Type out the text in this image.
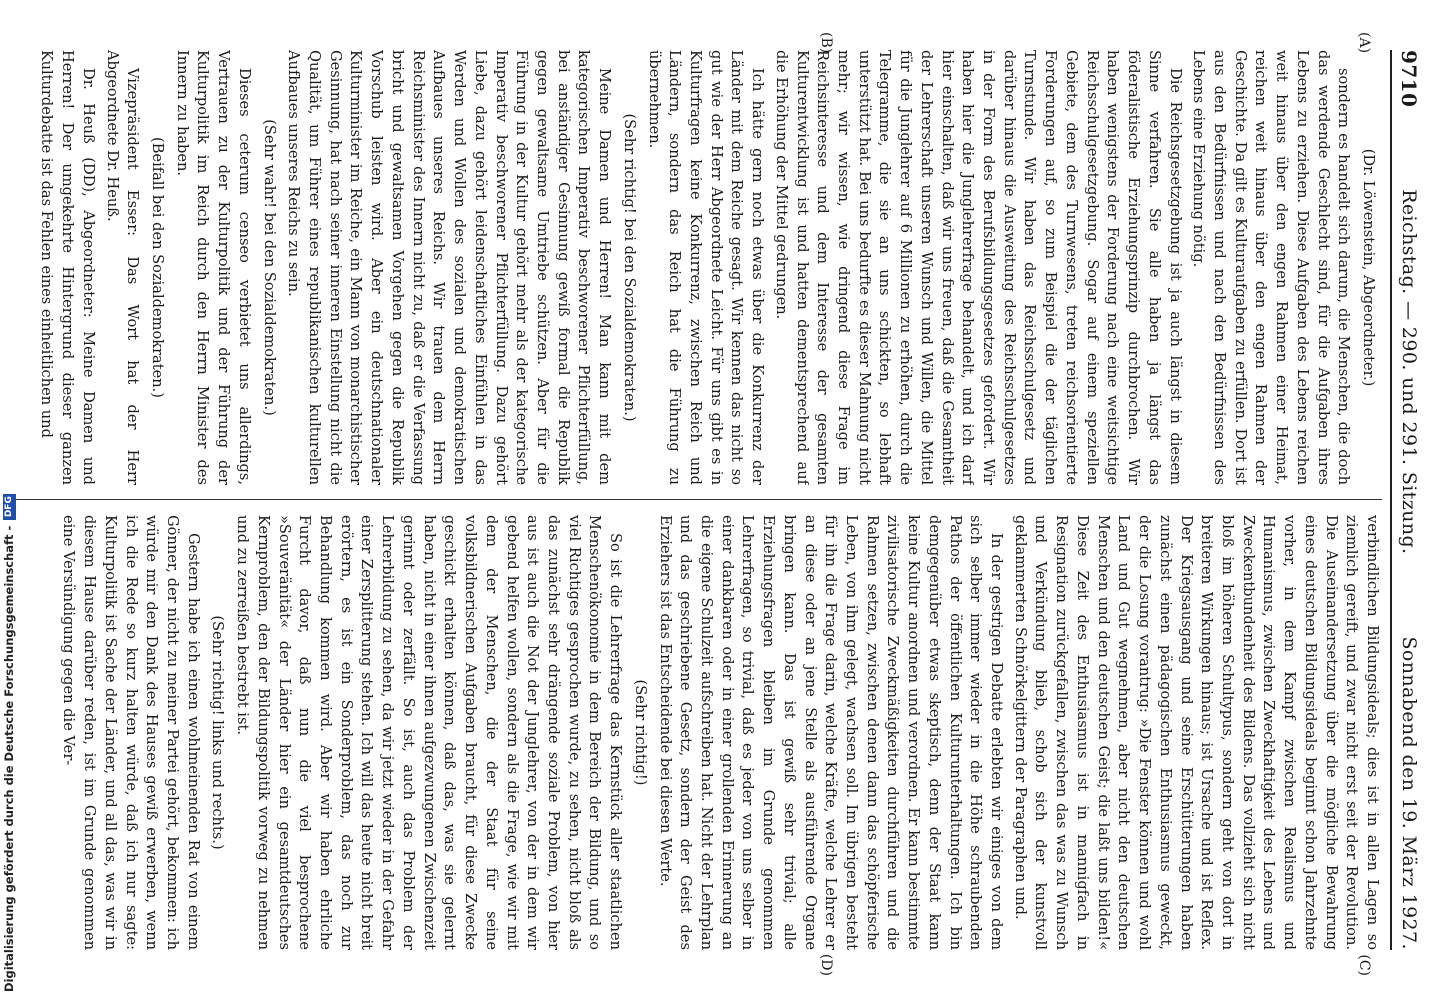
9710
Reichstag. — 290. und 291. Sitzung.
Sonnabend den 19. März 1927.

(Dr. Löwenstein, Abgeordneter.)

sondern es handelt sich darum, die Menschen, die doch das werdende Geschlecht sind, für die Aufgaben ihres Lebens zu erziehen. Diese Aufgaben des Lebens reichen weit hinaus über den engen Rahmen einer Heimat, reichen weit hinaus über den engen Rahmen der Geschichte. Da gilt es Kulturaufgaben zu erfüllen. Dort ist aus den Bedürfnissen und nach den Bedürfnissen des Lebens eine Erziehung nötig.

Die Reichsgesetzgebung ist ja auch längst in diesem Sinne verfahren. Sie alle haben ja längst das föderalistische Erziehungsprinzip durchbrochen. Wir haben wenigstens der Forderung nach eine weitsichtige Reichsschulgesetzgebung. Sogar auf einem speziellen Gebiete, dem des Turnwesens, treten reichsorientierte Forderungen auf, so zum Beispiel die der täglichen Turnstunde. Wir haben das Reichsschulgesetz und darüber hinaus die Ausweitung des Reichsschulgesetzes in der Form des Berufsbildungsgesetzes gefordert. Wir haben hier die Junglehrerfrage behandelt, und ich darf hier einschalten, daß wir uns freuen, daß die Gesamtheit der Lehrerschaft unseren Wunsch und Willen, die Mittel für die Junglehrer auf 6 Millionen zu erhöhen, durch die Telegramme, die sie an uns schickten, so lebhaft unterstützt hat. Bei uns bedurfte es dieser Mahnung nicht mehr; wir wissen, wie dringend diese Frage im Reichsinteresse und dem Interesse der gesamten Kulturentwicklung ist und hatten dementsprechend auf die Erhöhung der Mittel gedrungen.

Ich hätte gern noch etwas über die Konkurrenz der Länder mit dem Reiche gesagt. Wir kennen das nicht so gut wie der Herr Abgeordnete Leicht. Für uns gibt es in Kulturfragen keine Konkurrenz, zwischen Reich und Ländern, sondern das Reich hat die Führung zu übernehmen.

(Sehr richtig! bei den Sozialdemokraten.)

Meine Damen und Herren! Man kann mit dem kategorischen Imperativ beschworener Pflichterfüllung, bei anständiger Gesinnung gewiß formal die Republik gegen gewaltsame Umtriebe schützen. Aber für die Führung in der Kultur gehört mehr als der kategorische Imperativ beschworener Pflichterfüllung. Dazu gehört Liebe, dazu gehört leidenschaftliches Einfühlen in das Werden und Wollen des sozialen und demokratischen Aufbaues unseres Reichs. Wir trauen dem Herrn Reichsminister des Innern nicht zu, daß er die Verfassung bricht und gewaltsamen Vorgehen gegen die Republik Vorschub leisten wird. Aber ein deutschnationaler Kulturminister im Reiche, ein Mann von monarchistischer Gesinnung, hat nach seiner inneren Einstellung nicht die Qualität, um Führer eines republikanischen kulturellen Aufbaues unseres Reichs zu sein.

(Sehr wahr! bei den Sozialdemokraten.)

Dieses ceterum censeo verbietet uns allerdings, Vertrauen zu der Kulturpolitik und der Führung der Kulturpolitik im Reich durch den Herrn Minister des Innern zu haben.

(Beifall bei den Sozialdemokraten.)

Vizepräsident Esser: Das Wort hat der Herr Abgeordnete Dr. Heuß.

Dr. Heuß (DD), Abgeordneter: Meine Damen und Herren! Der umgekehrte Hintergrund dieser ganzen Kulturdebatte ist das Fehlen eines einheitlichen und

verbindlichen Bildungsideals; dies ist in allen Lagen so ziemlich gereift, und zwar nicht erst seit der Revolution. Die Auseinandersetzung über die mögliche Bewahrung eines deutschen Bildungsideals beginnt schon Jahrzehnte vorher, in dem Kampf zwischen Realismus und Humanismus, zwischen Zweckhaftigkeit des Lebens und Zweckentbundenheit des Bildens. Das vollzieht sich nicht bloß im höheren Schultypus, sondern geht von dort in breiteren Wirkungen hinaus; ist Ursache und ist Reflex. Der Kriegsausgang und seine Erschütterungen haben zunächst einen pädagogischen Enthusiasmus geweckt, der die Losung vorantrug: »Die Fenster können und wohl Land und Gut wegnehmen, aber nicht den deutschen Menschen und den deutschen Geist; die laßt uns bilden!« Diese Zeit des Enthusiasmus ist in mannigfach in Resignation zurückgefallen, zwischen das was zu Wunsch und Verkündung blieb, schob sich der kunstvoll geklammerten Schnörkelgittern der Paragraphen und.

In der gestrigen Debatte erlebten wir einiges von dem sich selber immer wieder in die Höhe schraubenden Pathos der öffentlichen Kulturunterhaltungen. Ich bin demgegenüber etwas skeptisch, denn der Staat kann keine Kultur anordnen und verordnen. Er kann bestimmte zivilisatorische Zweckmäßigkeiten durchführen und die Rahmen setzen, zwischen denen dann das schöpferische Leben, von ihm gelegt, wachsen soll. Im übrigen besteht für ihn die Frage darin, welche Kräfte, welche Lehrer er an diese oder an jene Stelle als ausführende Organe bringen kann. Das ist gewiß sehr trivial; alle Erziehungsfragen bleiben im Grunde genommen Lehrerfragen, so trivial, daß es jeder von uns selber in einer dankbaren oder in einer grollenden Erinnerung an die eigene Schulzeit aufschreiben hat. Nicht der Lehrplan und das geschriebene Gesetz, sondern der Geist des Erziehers ist das Entscheidende bei diesen Werte.

(Sehr richtig!)

So ist die Lehrerfrage das Kernstück aller staatlichen Menschenökonomie in dem Bereich der Bildung, und so viel Richtiges gesprochen wurde, zu sehen, nicht bloß als das zunächst sehr drängende soziale Problem, von hier aus ist auch die Not der Junglehrer, von der in dem wir gebend helfen wollen, sondern als die Frage, wie wir mit dem der Menschen, die der Staat für seine volksbildnerischen Aufgaben braucht, für diese Zwecke geschickt erhalten können, daß das, was sie gelernt haben, nicht in einer ihnen aufgezwungenen Zwischenzeit gerinnt oder zerfällt. So ist, auch das Problem der Lehrerbildung zu sehen, da wir jetzt wieder in der Gefahr einer Zersplitterung stehen. Ich will das heute nicht breit erörtern, es ist ein Sonderproblem, das noch zur Behandlung kommen wird. Aber wir haben ehrliche Furcht davor, daß nun die viel besprochene »Souveränität« der Länder hier ein gesamtdeutsches Kernproblem, den der Bildungspolitik vorweg zu nehmen und zu zerreißen bestrebt ist.

(Sehr richtig! links und rechts.)

Gestern habe ich einen wohlmeinenden Rat von einem Gönner, der nicht zu meiner Partei gehört, bekommen: ich würde mir den Dank des Hauses gewiß erwerben, wenn ich die Rede so kurz halten würde, daß ich nur sagte: Kulturpolitik ist Sache der Länder, und all das, was wir in diesem Hause darüber reden, ist im Grunde genommen eine Versündigung gegen die Ver-

(A)
(B)
(C)
(D)
Digitalisierung gefördert durch die Deutsche Forschungsgemeinschaft -
DFG
